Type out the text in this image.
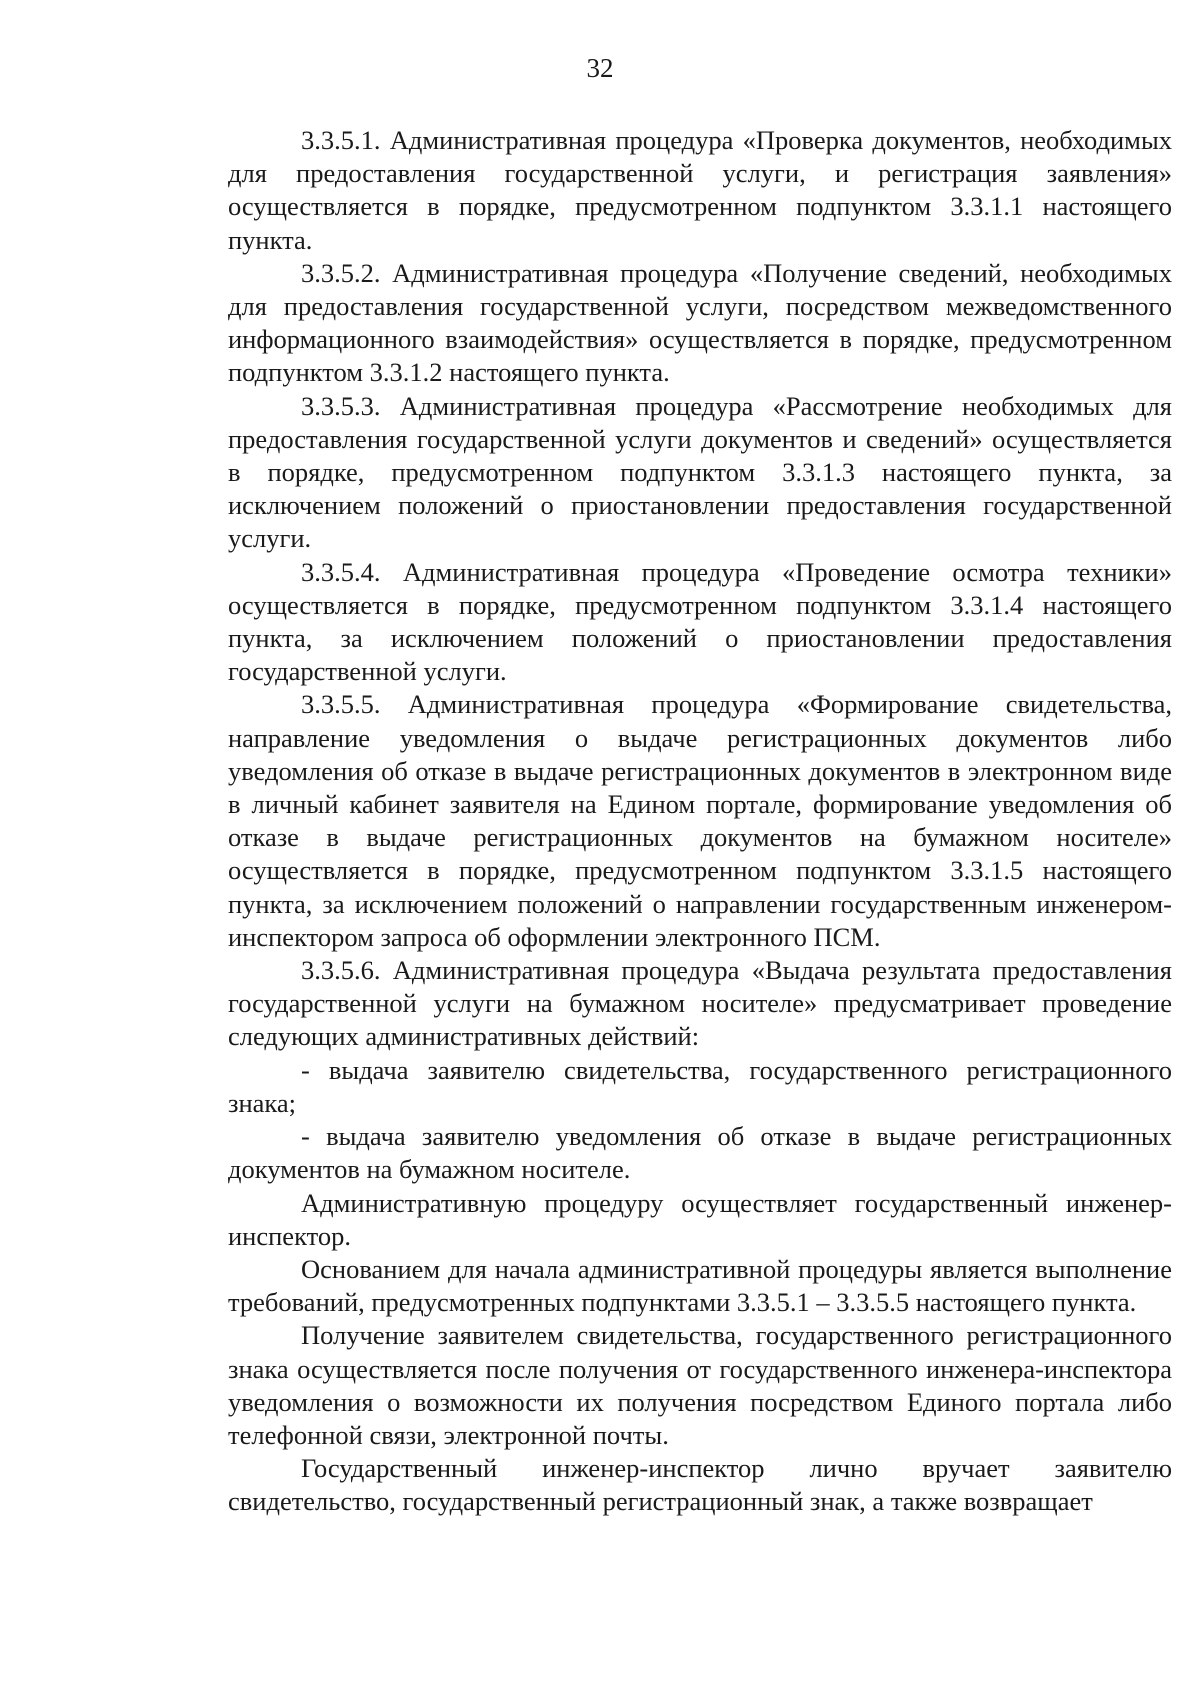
32

3.3.5.1. Административная процедура «Проверка документов, необходимых для предоставления государственной услуги, и регистрация заявления» осуществляется в порядке, предусмотренном подпунктом 3.3.1.1 настоящего пункта.

3.3.5.2. Административная процедура «Получение сведений, необходимых для предоставления государственной услуги, посредством межведомственного информационного взаимодействия» осуществляется в порядке, предусмотренном подпунктом 3.3.1.2 настоящего пункта.

3.3.5.3. Административная процедура «Рассмотрение необходимых для предоставления государственной услуги документов и сведений» осуществляется в порядке, предусмотренном подпунктом 3.3.1.3 настоящего пункта, за исключением положений о приостановлении предоставления государственной услуги.

3.3.5.4. Административная процедура «Проведение осмотра техники» осуществляется в порядке, предусмотренном подпунктом 3.3.1.4 настоящего пункта, за исключением положений о приостановлении предоставления государственной услуги.

3.3.5.5. Административная процедура «Формирование свидетельства, направление уведомления о выдаче регистрационных документов либо уведомления об отказе в выдаче регистрационных документов в электронном виде в личный кабинет заявителя на Едином портале, формирование уведомления об отказе в выдаче регистрационных документов на бумажном носителе» осуществляется в порядке, предусмотренном подпунктом 3.3.1.5 настоящего пункта, за исключением положений о направлении государственным инженером-инспектором запроса об оформлении электронного ПСМ.

3.3.5.6. Административная процедура «Выдача результата предоставления государственной услуги на бумажном носителе» предусматривает проведение следующих административных действий:

- выдача заявителю свидетельства, государственного регистрационного знака;

- выдача заявителю уведомления об отказе в выдаче регистрационных документов на бумажном носителе.

Административную процедуру осуществляет государственный инженер-инспектор.

Основанием для начала административной процедуры является выполнение требований, предусмотренных подпунктами 3.3.5.1 – 3.3.5.5 настоящего пункта.

Получение заявителем свидетельства, государственного регистрационного знака осуществляется после получения от государственного инженера-инспектора уведомления о возможности их получения посредством Единого портала либо телефонной связи, электронной почты.

Государственный инженер-инспектор лично вручает заявителю свидетельство, государственный регистрационный знак, а также возвращает
